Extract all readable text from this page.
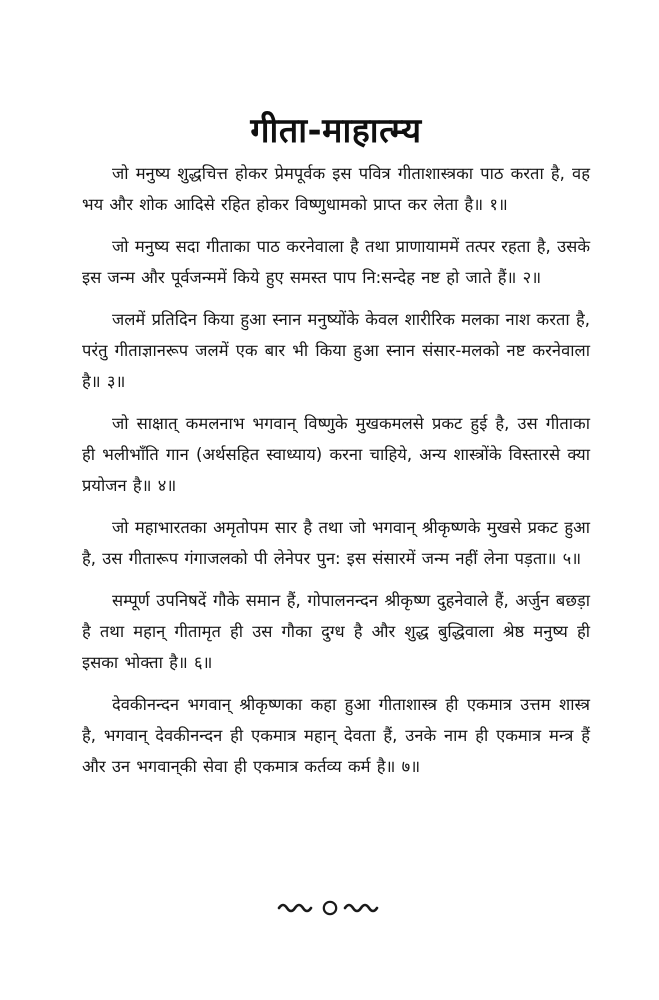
गीता-माहात्म्य

जो मनुष्य शुद्धचित्त होकर प्रेमपूर्वक इस पवित्र गीताशास्त्रका पाठ करता है, वह भय और शोक आदिसे रहित होकर विष्णुधामको प्राप्त कर लेता है॥ १॥

जो मनुष्य सदा गीताका पाठ करनेवाला है तथा प्राणायाममें तत्पर रहता है, उसके इस जन्म और पूर्वजन्ममें किये हुए समस्त पाप नि:सन्देह नष्ट हो जाते हैं॥ २॥

जलमें प्रतिदिन किया हुआ स्नान मनुष्योंके केवल शारीरिक मलका नाश करता है, परंतु गीताज्ञानरूप जलमें एक बार भी किया हुआ स्नान संसार-मलको नष्ट करनेवाला है॥ ३॥

जो साक्षात् कमलनाभ भगवान् विष्णुके मुखकमलसे प्रकट हुई है, उस गीताका ही भलीभाँति गान (अर्थसहित स्वाध्याय) करना चाहिये, अन्य शास्त्रोंके विस्तारसे क्या प्रयोजन है॥ ४॥

जो महाभारतका अमृतोपम सार है तथा जो भगवान् श्रीकृष्णके मुखसे प्रकट हुआ है, उस गीतारूप गंगाजलको पी लेनेपर पुन: इस संसारमें जन्म नहीं लेना पड़ता॥ ५॥

सम्पूर्ण उपनिषदें गौके समान हैं, गोपालनन्दन श्रीकृष्ण दुहनेवाले हैं, अर्जुन बछड़ा है तथा महान् गीतामृत ही उस गौका दुग्ध है और शुद्ध बुद्धिवाला श्रेष्ठ मनुष्य ही इसका भोक्ता है॥ ६॥

देवकीनन्दन भगवान् श्रीकृष्णका कहा हुआ गीताशास्त्र ही एकमात्र उत्तम शास्त्र है, भगवान् देवकीनन्दन ही एकमात्र महान् देवता हैं, उनके नाम ही एकमात्र मन्त्र हैं और उन भगवान्‌की सेवा ही एकमात्र कर्तव्य कर्म है॥ ७॥
